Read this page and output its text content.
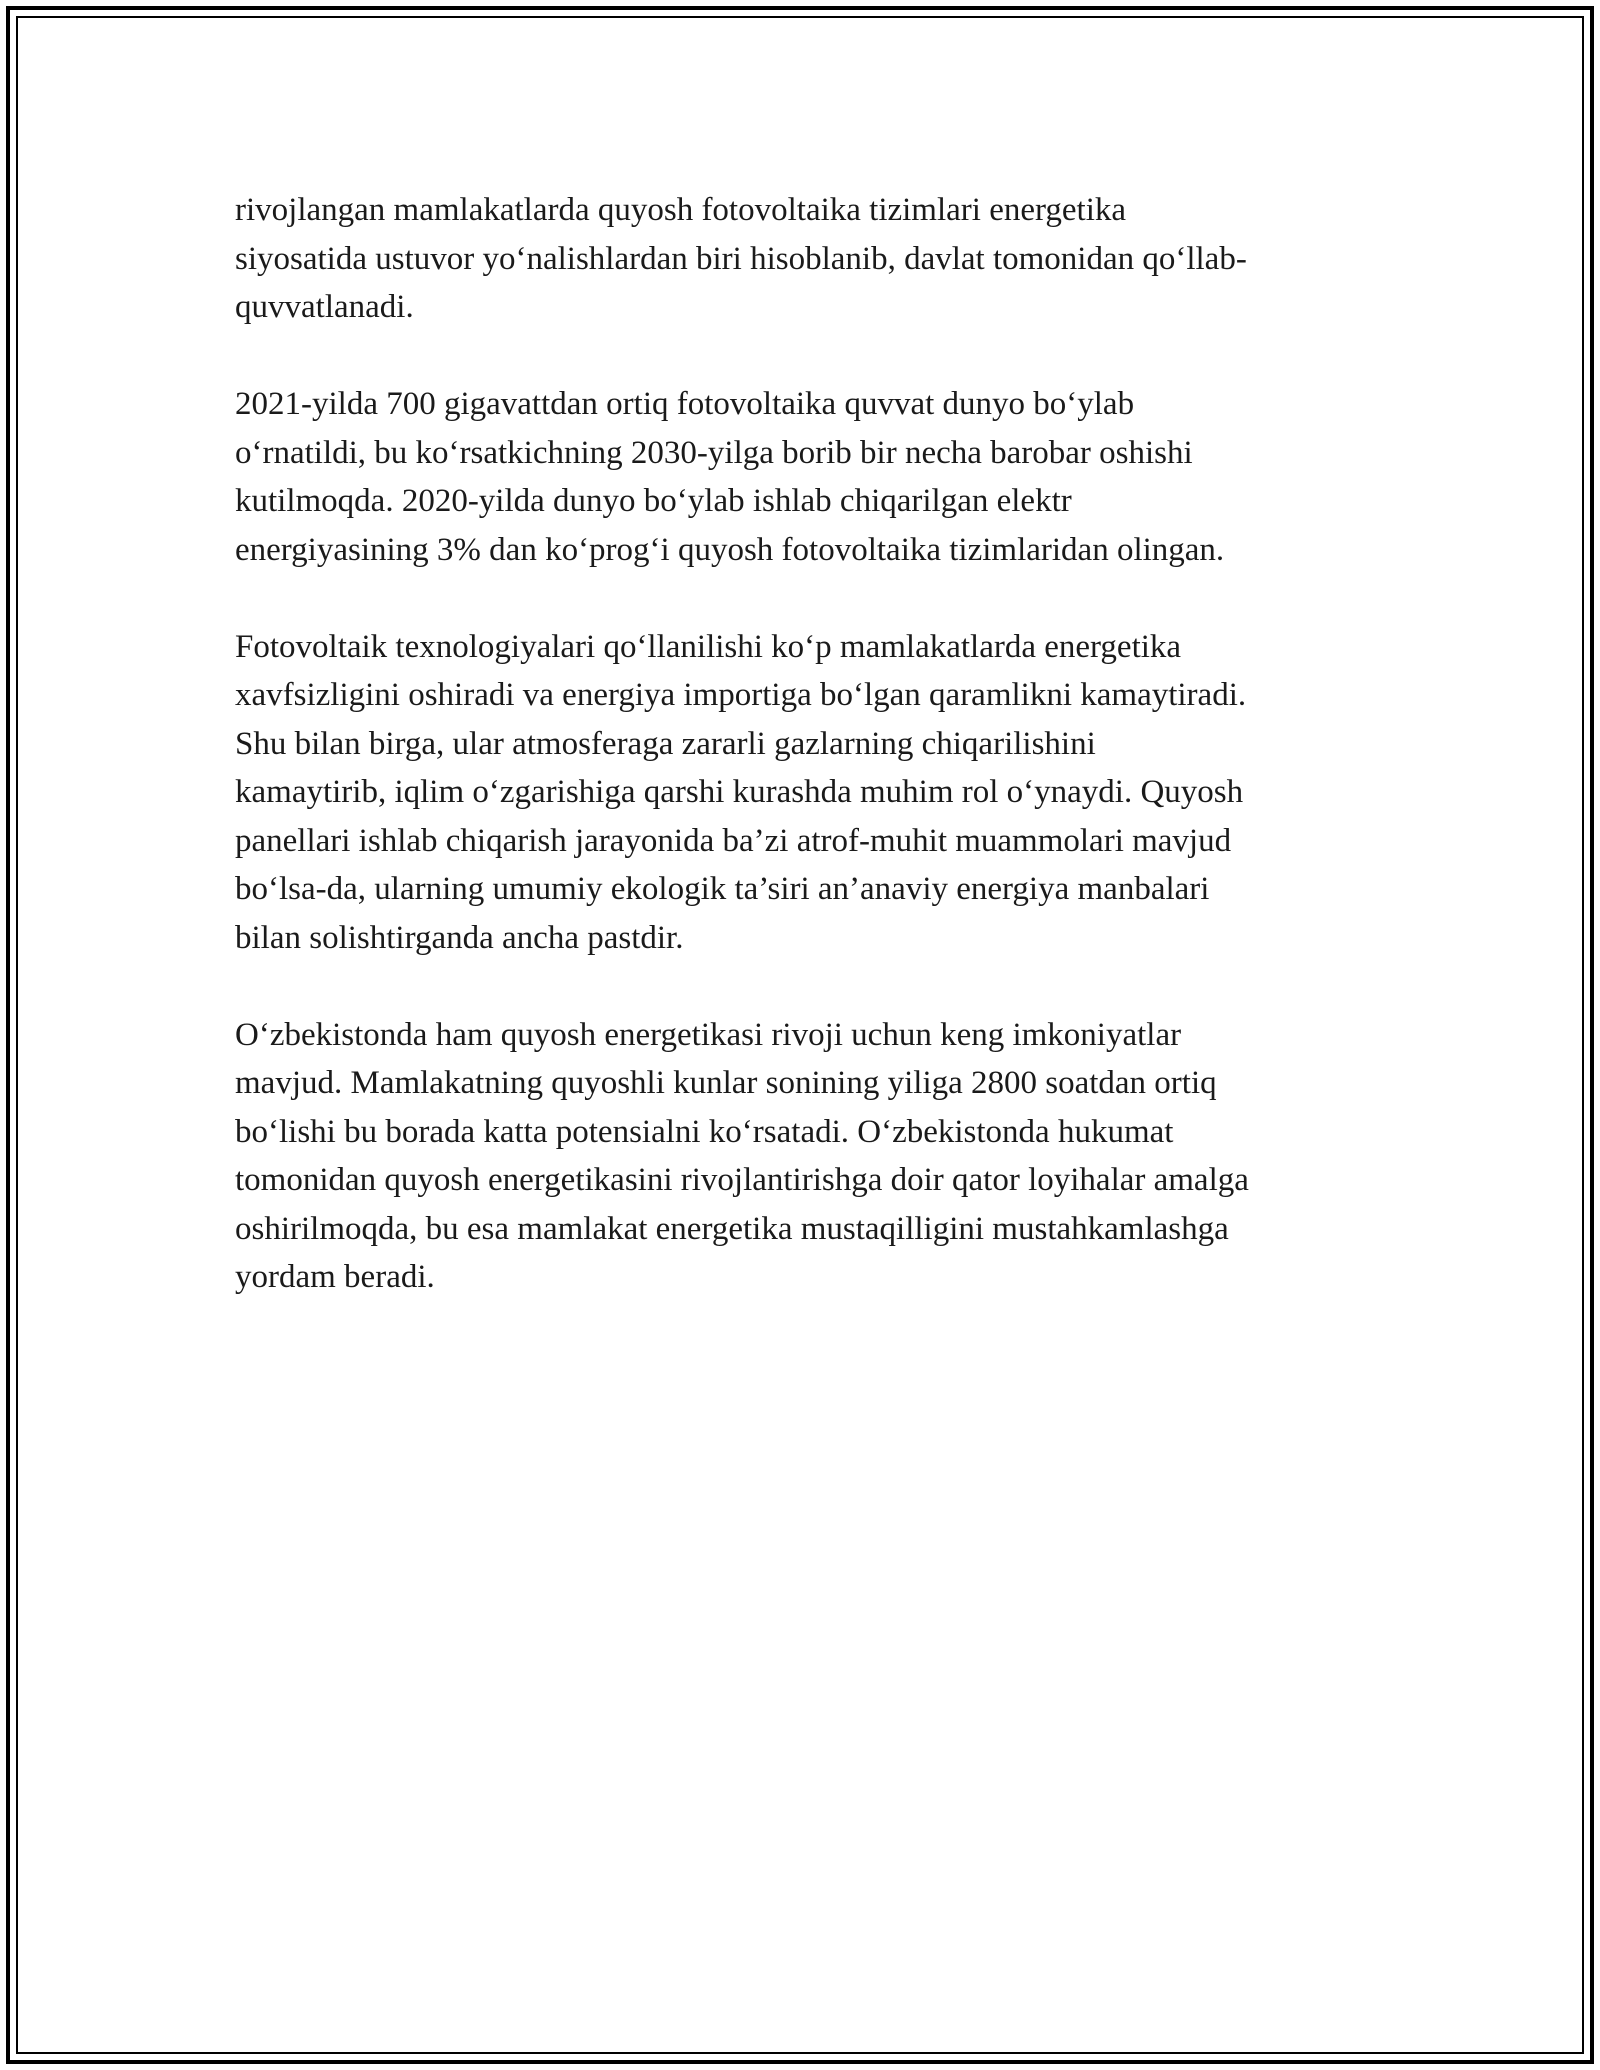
rivojlangan mamlakatlarda quyosh fotovoltaika tizimlari energetika
siyosatida ustuvor yo‘nalishlardan biri hisoblanib, davlat tomonidan qo‘llab-
quvvatlanadi.

2021-yilda 700 gigavattdan ortiq fotovoltaika quvvat dunyo bo‘ylab
o‘rnatildi, bu ko‘rsatkichning 2030-yilga borib bir necha barobar oshishi
kutilmoqda. 2020-yilda dunyo bo‘ylab ishlab chiqarilgan elektr
energiyasining 3% dan ko‘prog‘i quyosh fotovoltaika tizimlaridan olingan.

Fotovoltaik texnologiyalari qo‘llanilishi ko‘p mamlakatlarda energetika
xavfsizligini oshiradi va energiya importiga bo‘lgan qaramlikni kamaytiradi.
Shu bilan birga, ular atmosferaga zararli gazlarning chiqarilishini
kamaytirib, iqlim o‘zgarishiga qarshi kurashda muhim rol o‘ynaydi. Quyosh
panellari ishlab chiqarish jarayonida ba’zi atrof-muhit muammolari mavjud
bo‘lsa-da, ularning umumiy ekologik ta’siri an’anaviy energiya manbalari
bilan solishtirganda ancha pastdir.

O‘zbekistonda ham quyosh energetikasi rivoji uchun keng imkoniyatlar
mavjud. Mamlakatning quyoshli kunlar sonining yiliga 2800 soatdan ortiq
bo‘lishi bu borada katta potensialni ko‘rsatadi. O‘zbekistonda hukumat
tomonidan quyosh energetikasini rivojlantirishga doir qator loyihalar amalga
oshirilmoqda, bu esa mamlakat energetika mustaqilligini mustahkamlashga
yordam beradi.
